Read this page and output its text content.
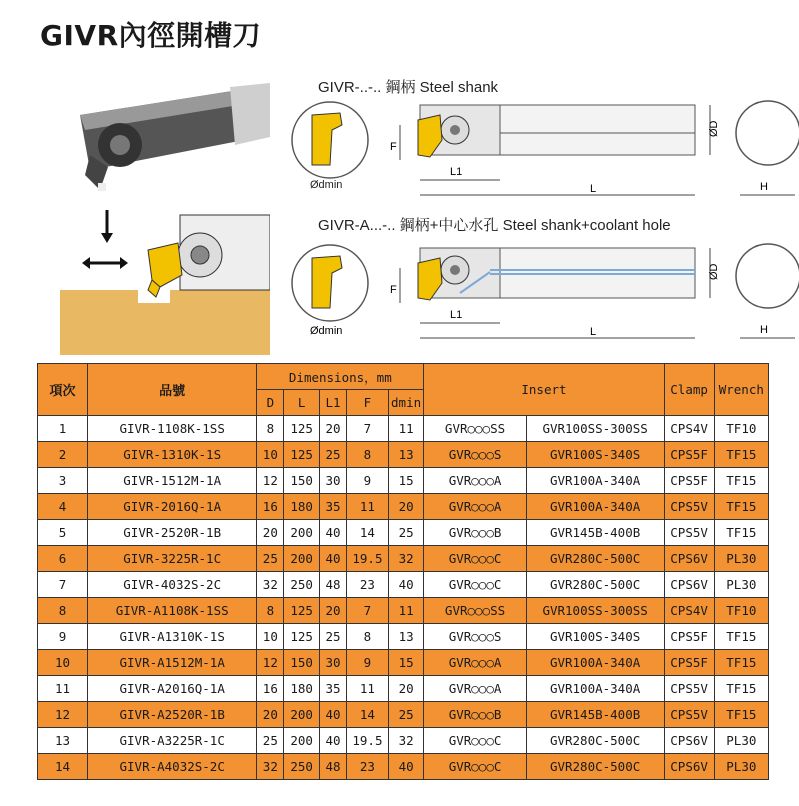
GIVR內徑開槽刀
GIVR-..-.. 鋼柄 Steel shank
GIVR-A...-.. 鋼柄+中心水孔 Steel shank+coolant hole
Ødmin
F
L1
L
ØD
H
Ødmin
F
L1
L
ØD
H
項次	品號	Dimensions，mm					Insert		Clamp	Wrench
		D	L	L1	F	dmin				
1	GIVR-1108K-1SS	8	125	20	7	11	GVR○○○SS	GVR100SS-300SS	CPS4V	TF10
2	GIVR-1310K-1S	10	125	25	8	13	GVR○○○S	GVR100S-340S	CPS5F	TF15
3	GIVR-1512M-1A	12	150	30	9	15	GVR○○○A	GVR100A-340A	CPS5F	TF15
4	GIVR-2016Q-1A	16	180	35	11	20	GVR○○○A	GVR100A-340A	CPS5V	TF15
5	GIVR-2520R-1B	20	200	40	14	25	GVR○○○B	GVR145B-400B	CPS5V	TF15
6	GIVR-3225R-1C	25	200	40	19.5	32	GVR○○○C	GVR280C-500C	CPS6V	PL30
7	GIVR-4032S-2C	32	250	48	23	40	GVR○○○C	GVR280C-500C	CPS6V	PL30
8	GIVR-A1108K-1SS	8	125	20	7	11	GVR○○○SS	GVR100SS-300SS	CPS4V	TF10
9	GIVR-A1310K-1S	10	125	25	8	13	GVR○○○S	GVR100S-340S	CPS5F	TF15
10	GIVR-A1512M-1A	12	150	30	9	15	GVR○○○A	GVR100A-340A	CPS5F	TF15
11	GIVR-A2016Q-1A	16	180	35	11	20	GVR○○○A	GVR100A-340A	CPS5V	TF15
12	GIVR-A2520R-1B	20	200	40	14	25	GVR○○○B	GVR145B-400B	CPS5V	TF15
13	GIVR-A3225R-1C	25	200	40	19.5	32	GVR○○○C	GVR280C-500C	CPS6V	PL30
14	GIVR-A4032S-2C	32	250	48	23	40	GVR○○○C	GVR280C-500C	CPS6V	PL30
